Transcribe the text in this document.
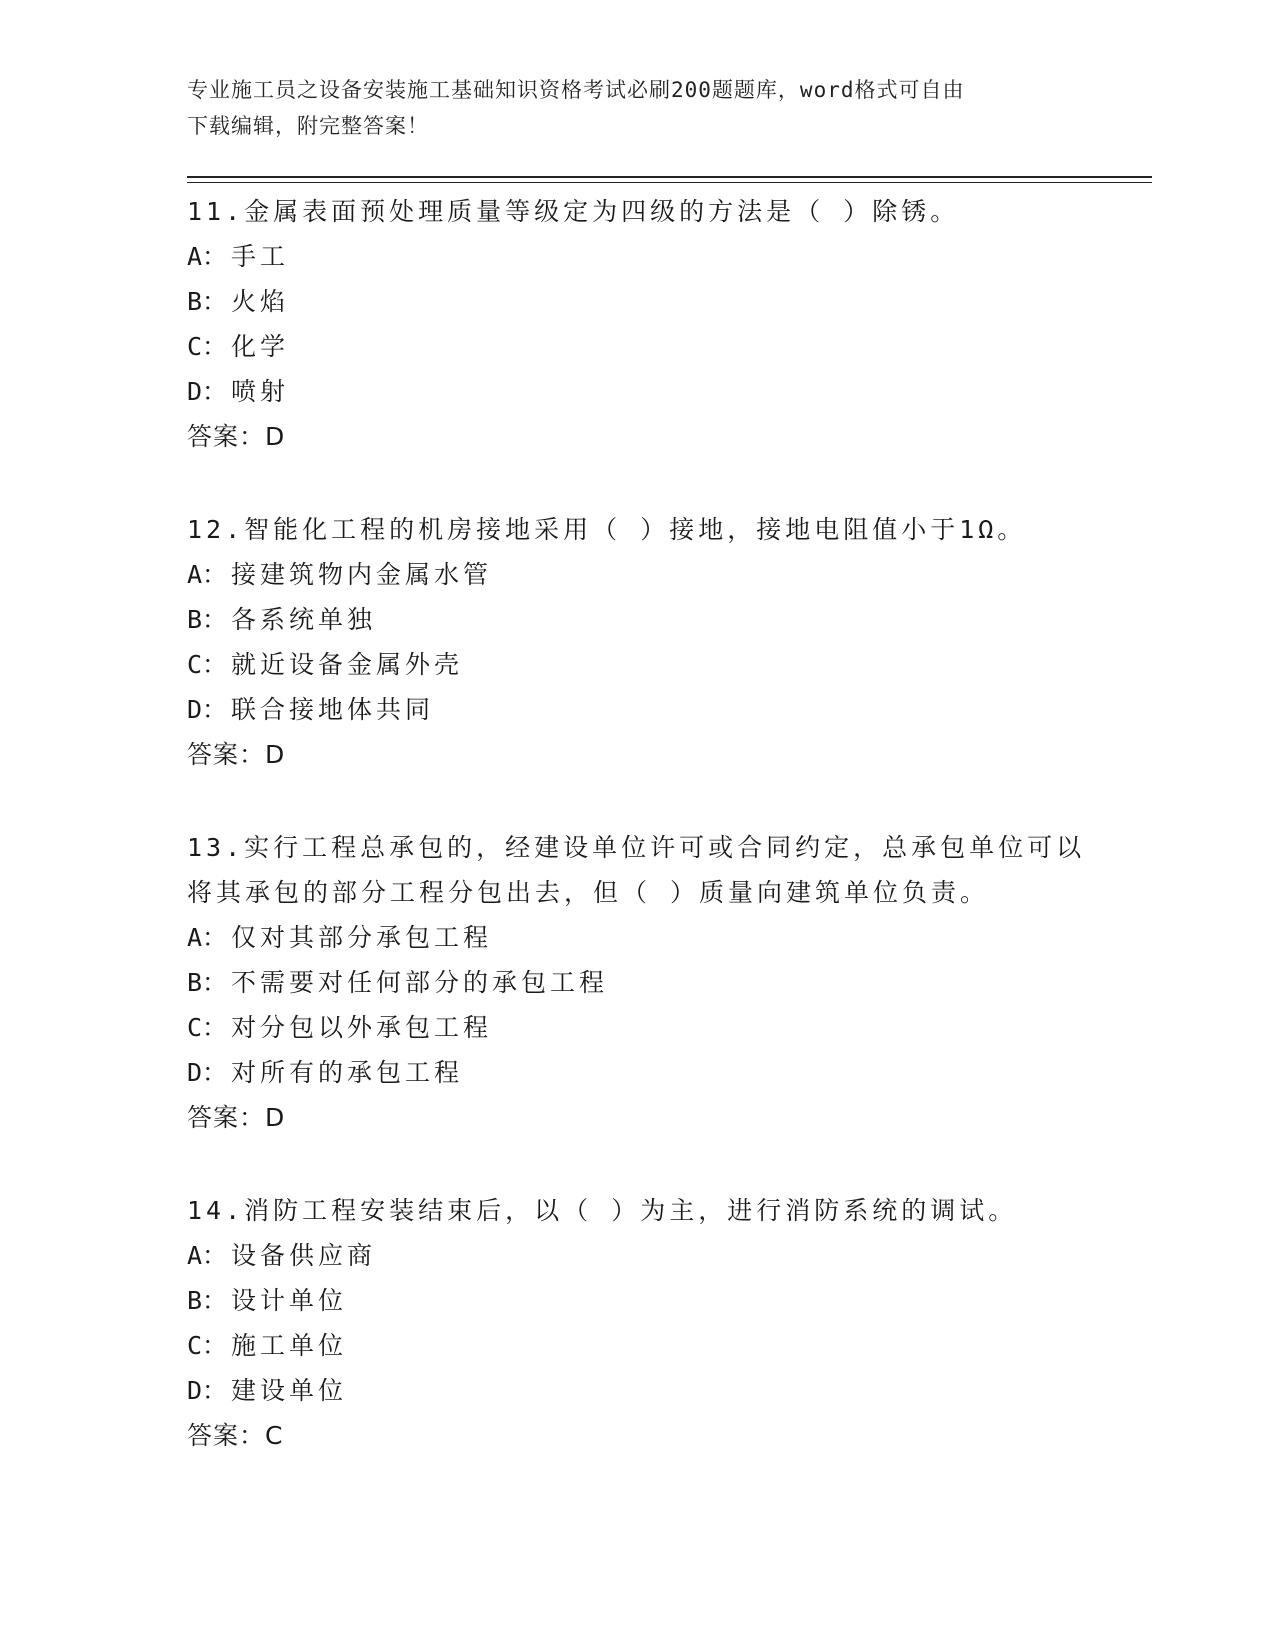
专业施工员之设备安装施工基础知识资格考试必刷200题题库，word格式可自由
下载编辑，附完整答案！
11.金属表面预处理质量等级定为四级的方法是（ ）除锈。
A： 手工
B： 火焰
C： 化学
D： 喷射
答案：D
12.智能化工程的机房接地采用（ ）接地，接地电阻值小于1Ω。
A： 接建筑物内金属水管
B： 各系统单独
C： 就近设备金属外壳
D： 联合接地体共同
答案：D
13.实行工程总承包的，经建设单位许可或合同约定，总承包单位可以
将其承包的部分工程分包出去，但（ ）质量向建筑单位负责。
A： 仅对其部分承包工程
B： 不需要对任何部分的承包工程
C： 对分包以外承包工程
D： 对所有的承包工程
答案：D
14.消防工程安装结束后，以（ ）为主，进行消防系统的调试。
A： 设备供应商
B： 设计单位
C： 施工单位
D： 建设单位
答案：C
